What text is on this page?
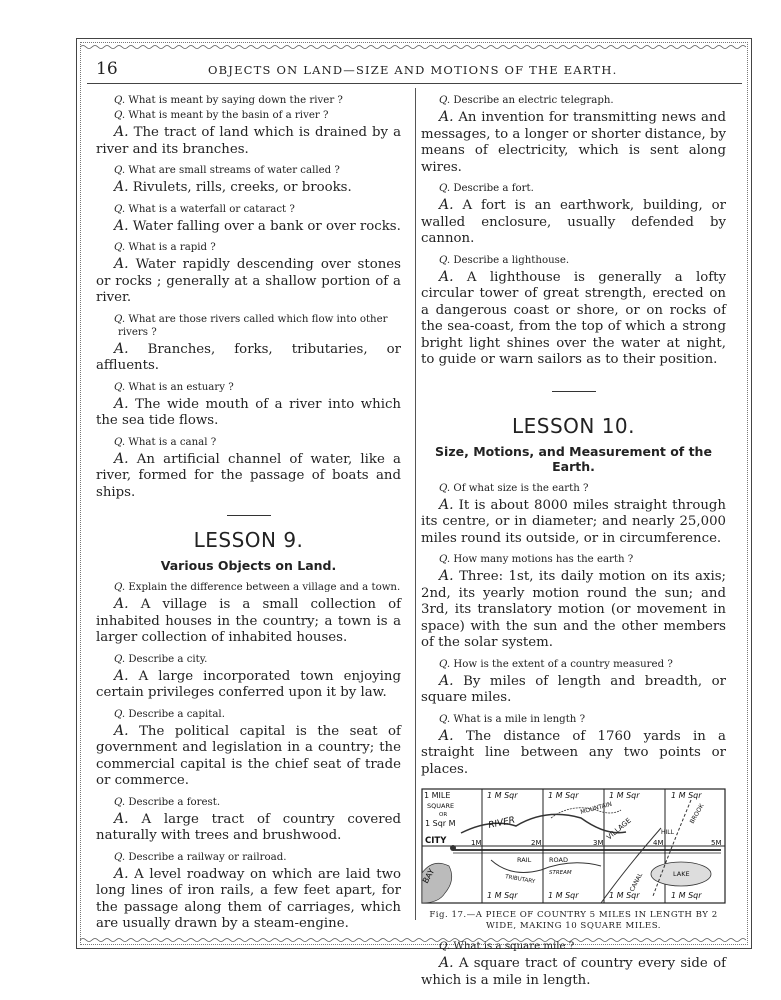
16	OBJECTS ON LAND—SIZE AND MOTIONS OF THE EARTH.

Q. What is meant by saying down the river ?

Q. What is meant by the basin of a river ?

A. The tract of land which is drained by a river and its branches.

Q. What are small streams of water called ?

A. Rivulets, rills, creeks, or brooks.

Q. What is a waterfall or cataract ?

A. Water falling over a bank or over rocks.

Q. What is a rapid ?

A. Water rapidly descending over stones or rocks ; generally at a shallow portion of a river.

Q. What are those rivers called which flow into other rivers ?

A. Branches, forks, tributaries, or affluents.

Q. What is an estuary ?

A. The wide mouth of a river into which the sea tide flows.

Q. What is a canal ?

A. An artificial channel of water, like a river, formed for the passage of boats and ships.

LESSON 9.
Various Objects on Land.

Q. Explain the difference between a village and a town.

A. A village is a small collection of inhabited houses in the country; a town is a larger collection of inhabited houses.

Q. Describe a city.

A. A large incorporated town enjoying certain privileges conferred upon it by law.

Q. Describe a capital.

A. The political capital is the seat of government and legislation in a country; the commercial capital is the chief seat of trade or commerce.

Q. Describe a forest.

A. A large tract of country covered naturally with trees and brushwood.

Q. Describe a railway or railroad.

A. A level roadway on which are laid two long lines of iron rails, a few feet apart, for the passage along them of carriages, which are usually drawn by a steam-engine.

Q. Describe an electric telegraph.

A. An invention for transmitting news and messages, to a longer or shorter distance, by means of electricity, which is sent along wires.

Q. Describe a fort.

A. A fort is an earthwork, building, or walled enclosure, usually defended by cannon.

Q. Describe a lighthouse.

A. A lighthouse is generally a lofty circular tower of great strength, erected on a dangerous coast or shore, or on rocks of the sea-coast, from the top of which a strong bright light shines over the water at night, to guide or warn sailors as to their position.

LESSON 10.
Size, Motions, and Measurement of the Earth.

Q. Of what size is the earth ?

A. It is about 8000 miles straight through its centre, or in diameter; and nearly 25,000 miles round its outside, or in circumference.

Q. How many motions has the earth ?

A. Three: 1st, its daily motion on its axis; 2nd, its yearly motion round the sun; and 3rd, its translatory motion (or movement in space) with the sun and the other members of the solar system.

Q. How is the extent of a country measured ?

A. By miles of length and breadth, or square miles.

Q. What is a mile in length ?

A. The distance of 1760 yards in a straight line between any two points or places.

1 MILE
SQUARE
OR
1 Sqr M
1 M Sqr	1 M Sqr	1 M Sqr	1 M Sqr
RIVER
MOUNTAIN
VILLAGE	HILL
BROOK
CITY
RAIL	ROAD
TRIBUTARY
STREAM	CANAL	LAKE
BAY
1M	2M	3M	4M	5M
1 M Sqr	1 M Sqr	1 M Sqr	1 M Sqr

Fig. 17.—A PIECE OF COUNTRY 5 MILES IN LENGTH BY 2 WIDE, MAKING 10 SQUARE MILES.

Q. What is a square mile ?

A. A square tract of country every side of which is a mile in length.
